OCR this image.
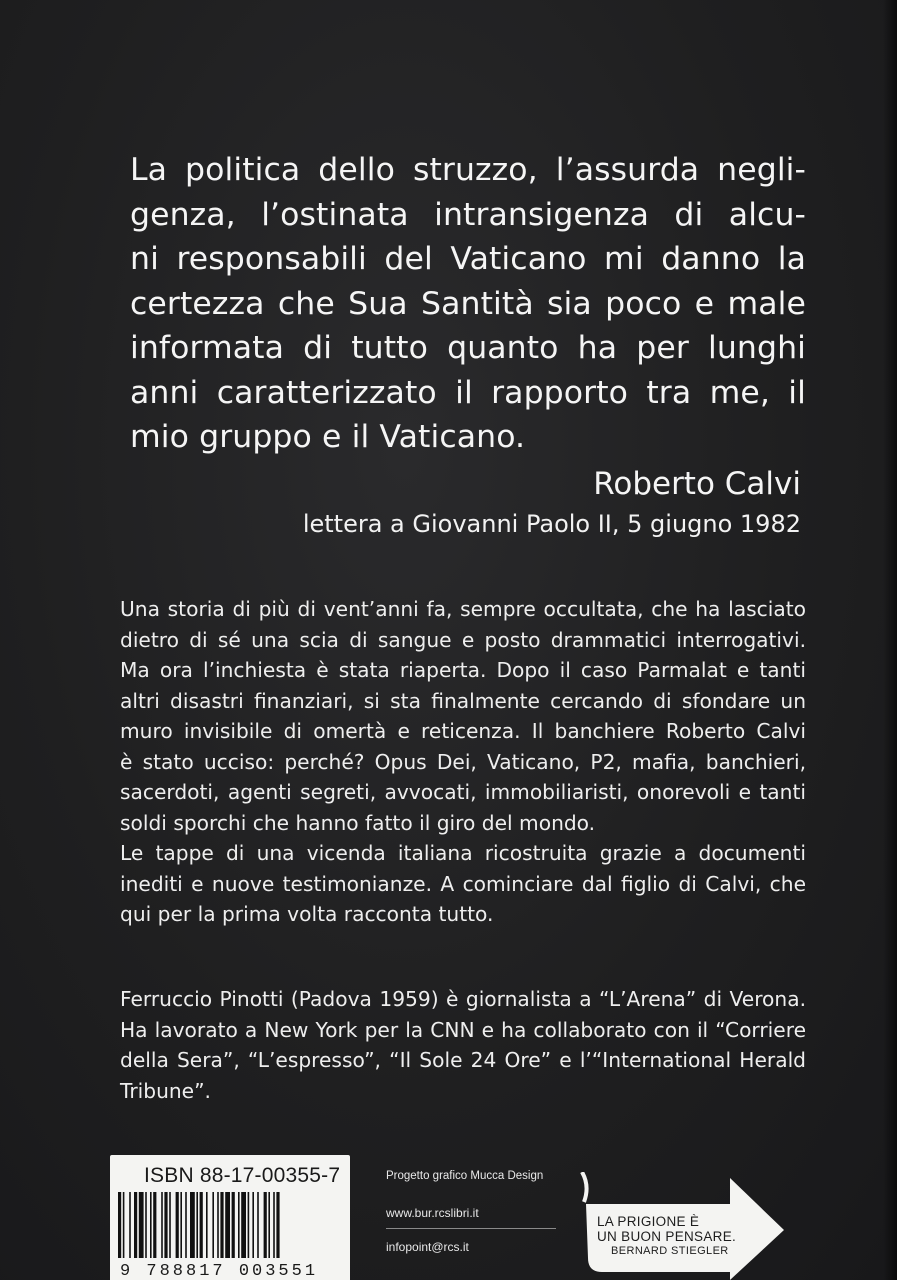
La politica dello struzzo, l’assurda negli-
genza, l’ostinata intransigenza di alcu-
ni responsabili del Vaticano mi danno la
certezza che Sua Santità sia poco e male
informata di tutto quanto ha per lunghi
anni caratterizzato il rapporto tra me, il
mio gruppo e il Vaticano.
Roberto Calvi
lettera a Giovanni Paolo II, 5 giugno 1982
Una storia di più di vent’anni fa, sempre occultata, che ha lasciato
dietro di sé una scia di sangue e posto drammatici interrogativi.
Ma ora l’inchiesta è stata riaperta. Dopo il caso Parmalat e tanti
altri disastri finanziari, si sta finalmente cercando di sfondare un
muro invisibile di omertà e reticenza. Il banchiere Roberto Calvi
è stato ucciso: perché? Opus Dei, Vaticano, P2, mafia, banchieri,
sacerdoti, agenti segreti, avvocati, immobiliaristi, onorevoli e tanti
soldi sporchi che hanno fatto il giro del mondo.
Le tappe di una vicenda italiana ricostruita grazie a documenti
inediti e nuove testimonianze. A cominciare dal figlio di Calvi, che
qui per la prima volta racconta tutto.
Ferruccio Pinotti (Padova 1959) è giornalista a “L’Arena” di Verona.
Ha lavorato a New York per la CNN e ha collaborato con il “Corriere
della Sera”, “L’espresso”, “Il Sole 24 Ore” e l’“International Herald
Tribune”.
ISBN 88-17-00355-7
9 788817 003551
Progetto grafico Mucca Design
www.bur.rcslibri.it
infopoint@rcs.it
LA PRIGIONE È
UN BUON PENSARE.
BERNARD STIEGLER
